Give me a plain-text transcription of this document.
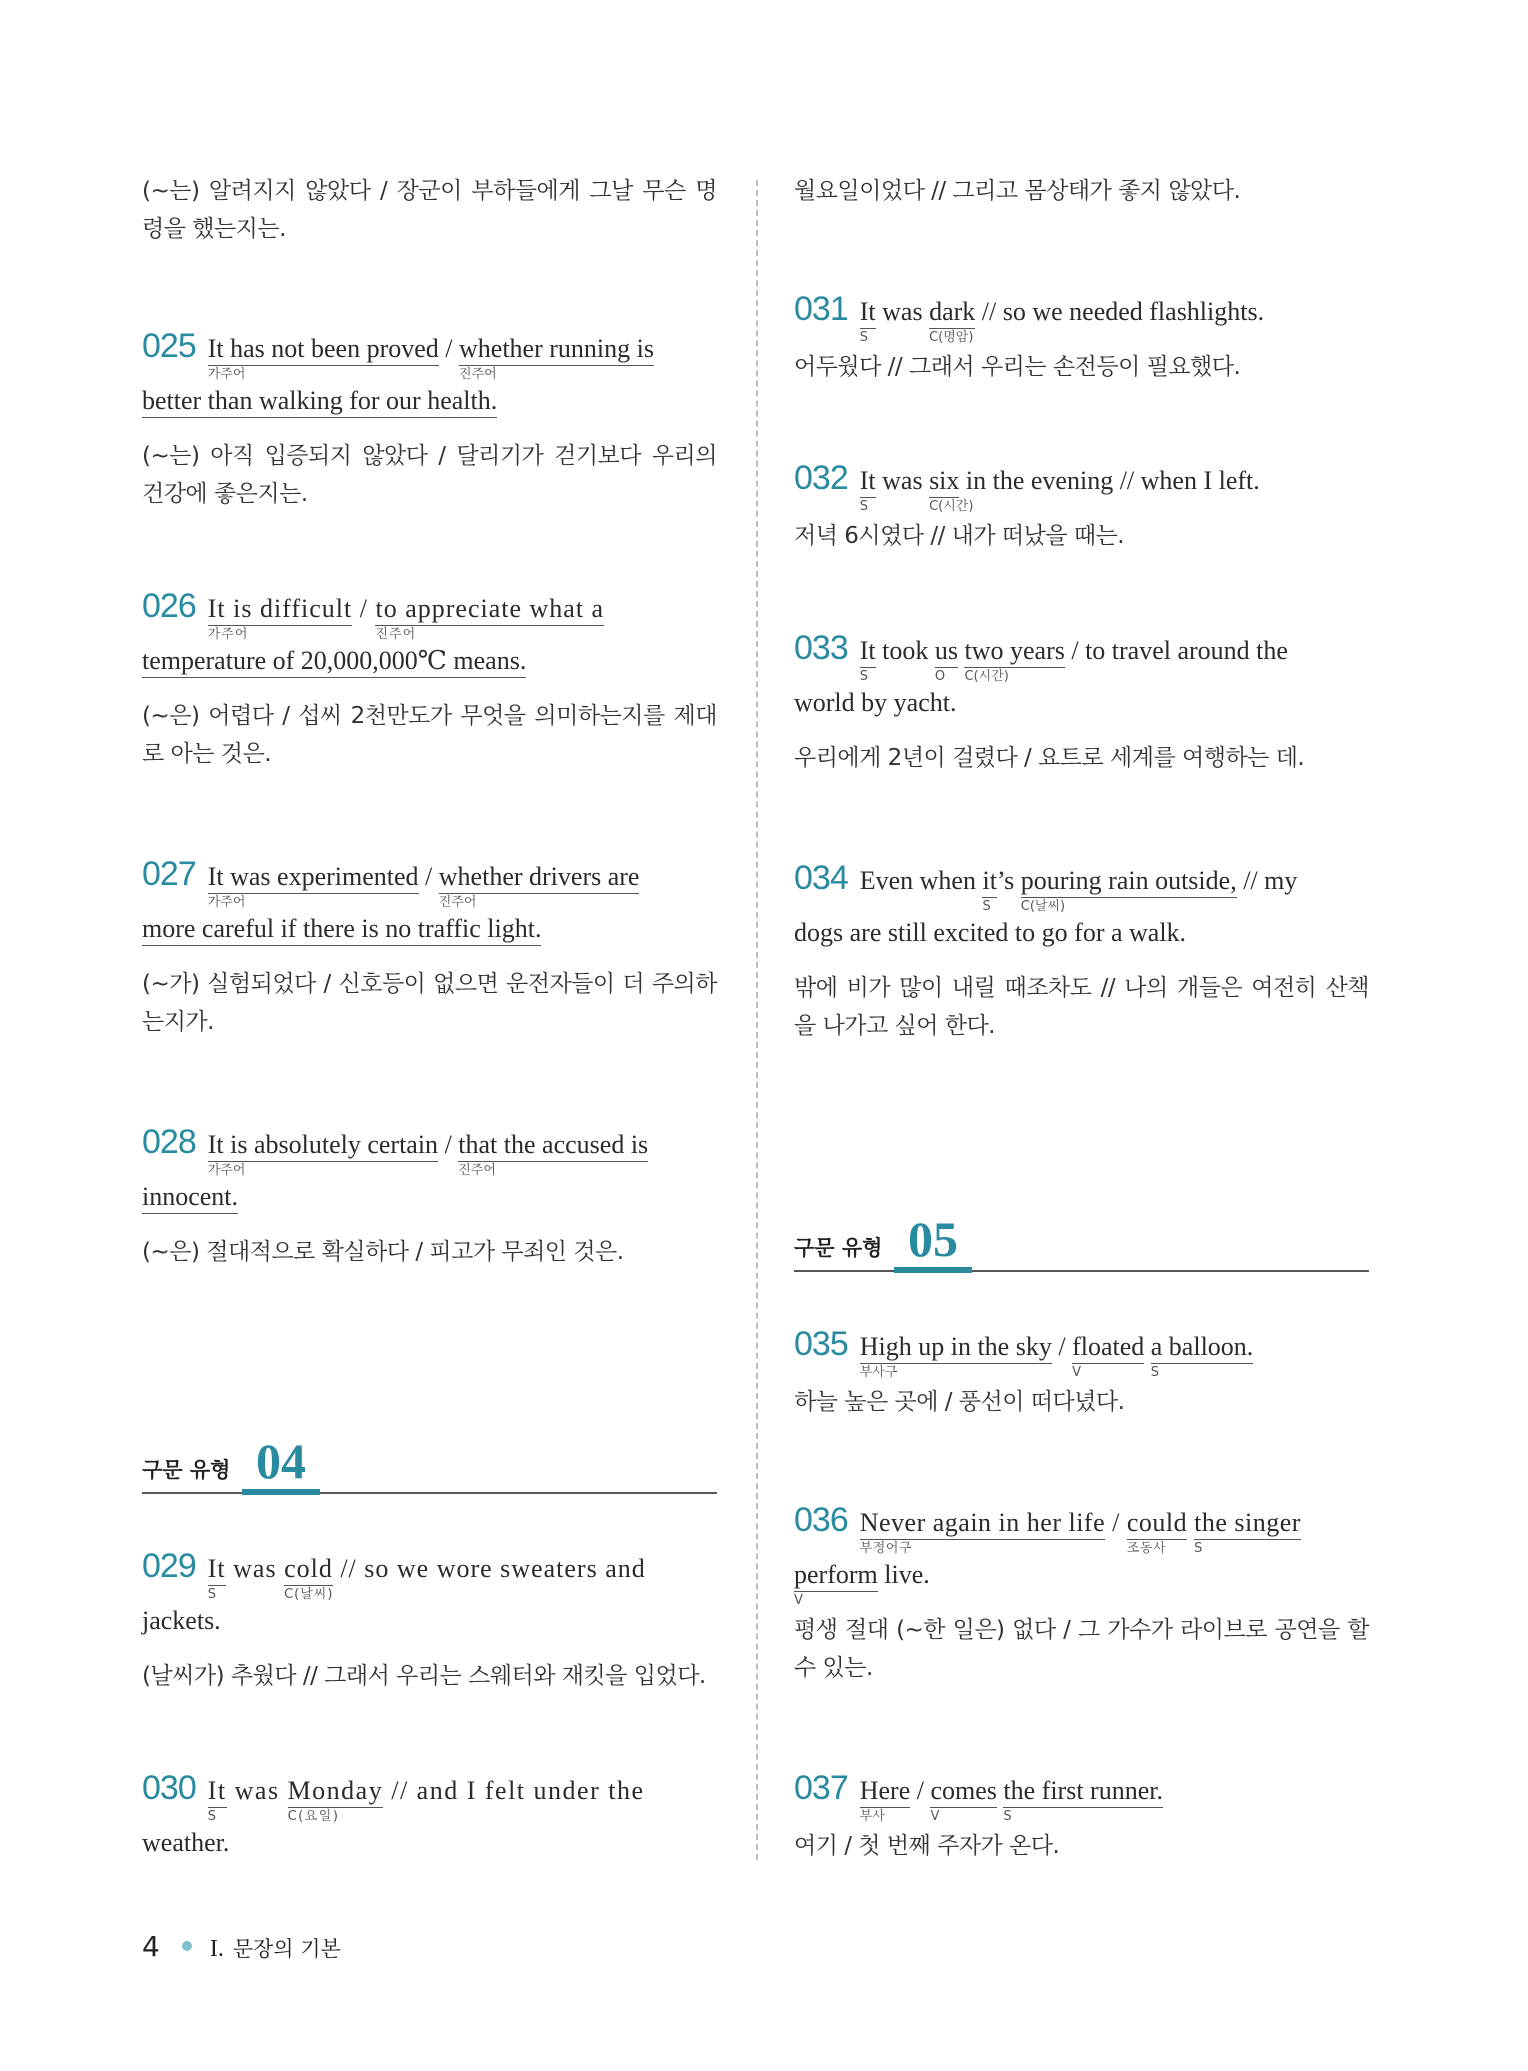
(~는) 알려지지 않았다 / 장군이 부하들에게 그날 무슨 명령을 했는지는.
025 It has not been proved
가주어
/ whether running is
진주어

better than walking for our health.
(~는) 아직 입증되지 않았다 / 달리기가 걷기보다 우리의 건강에 좋은지는.
026 It is difficult
가주어
/ to appreciate what a
진주어

temperature of 20,000,000℃ means.
(~은) 어렵다 / 섭씨 2천만도가 무엇을 의미하는지를 제대로 아는 것은.
027 It was experimented
가주어
/ whether drivers are
진주어

more careful if there is no traffic light.
(~가) 실험되었다 / 신호등이 없으면 운전자들이 더 주의하는지가.
028 It is absolutely certain
가주어
/ that the accused is
진주어

innocent.
(~은) 절대적으로 확실하다 / 피고가 무죄인 것은.
구문 유형 04
029 It
S
was cold
C(날씨)
// so we wore sweaters and
jackets.
(날씨가) 추웠다 // 그래서 우리는 스웨터와 재킷을 입었다.
030 It
S
was Monday
C(요일)
// and I felt under the
weather.
월요일이었다 // 그리고 몸상태가 좋지 않았다.
031 It
S
was dark
C(명암)
// so we needed flashlights.
어두웠다 // 그래서 우리는 손전등이 필요했다.
032 It
S
was six
C(시간)
in the evening // when I left.
저녁 6시였다 // 내가 떠났을 때는.
033 It
S
took us
O
two years
C(시간)
/ to travel around the
world by yacht.
우리에게 2년이 걸렸다 / 요트로 세계를 여행하는 데.
034 Even when it
S
’s pouring rain outside,
C(날씨)
// my
dogs are still excited to go for a walk.
밖에 비가 많이 내릴 때조차도 // 나의 개들은 여전히 산책을 나가고 싶어 한다.
구문 유형 05
035 High up in the sky
부사구
/ floated
V
a balloon.
S
하늘 높은 곳에 / 풍선이 떠다녔다.
036 Never again in her life
부정어구
/ could
조동사
the singer
S

perform
V
live.
평생 절대 (~한 일은) 없다 / 그 가수가 라이브로 공연을 할 수 있는.
037 Here
부사
/ comes
V
the first runner.
S
여기 / 첫 번째 주자가 온다.
4 I. 문장의 기본
